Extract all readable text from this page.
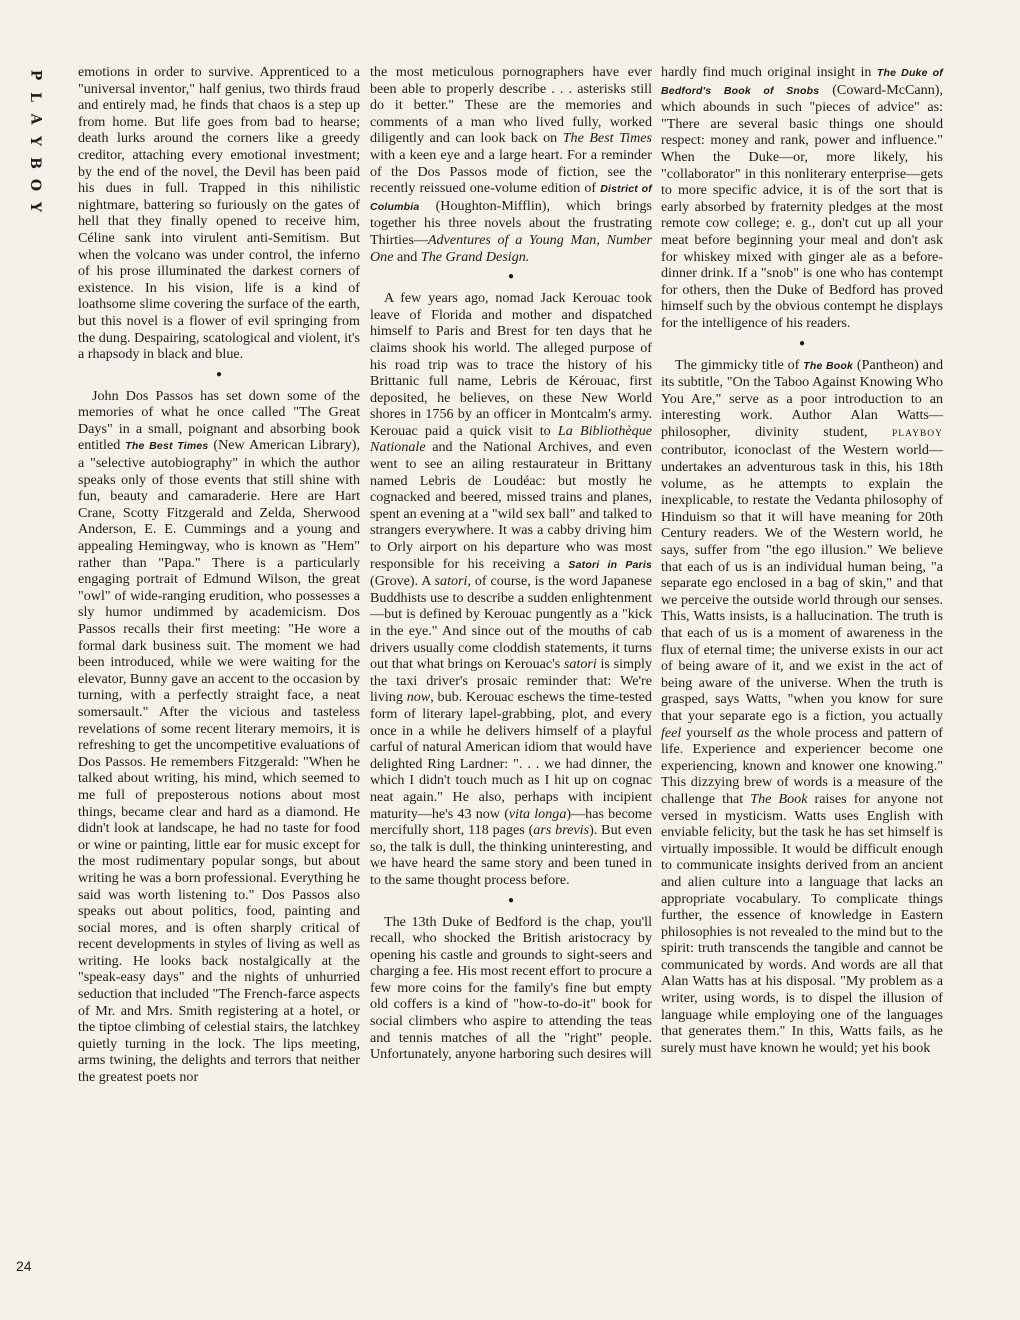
P
L
A
Y
B
O
Y
24

emotions in order to survive. Apprenticed to a "universal inventor," half genius, two thirds fraud and entirely mad, he finds that chaos is a step up from home. But life goes from bad to hearse; death lurks around the corners like a greedy creditor, attaching every emotional investment; by the end of the novel, the Devil has been paid his dues in full. Trapped in this nihilistic nightmare, battering so furiously on the gates of hell that they finally opened to receive him, Céline sank into virulent anti-Semitism. But when the volcano was under control, the inferno of his prose illuminated the darkest corners of existence. In his vision, life is a kind of loathsome slime covering the surface of the earth, but this novel is a flower of evil springing from the dung. Despairing, scatological and violent, it's a rhapsody in black and blue.

●

John Dos Passos has set down some of the memories of what he once called "The Great Days" in a small, poignant and absorbing book entitled The Best Times (New American Library), a "selective autobiography" in which the author speaks only of those events that still shine with fun, beauty and camaraderie. Here are Hart Crane, Scotty Fitzgerald and Zelda, Sherwood Anderson, E. E. Cummings and a young and appealing Hemingway, who is known as "Hem" rather than "Papa." There is a particularly engaging portrait of Edmund Wilson, the great "owl" of wide-ranging erudition, who possesses a sly humor undimmed by academicism. Dos Passos recalls their first meeting: "He wore a formal dark business suit. The moment we had been introduced, while we were waiting for the elevator, Bunny gave an accent to the occasion by turning, with a perfectly straight face, a neat somersault." After the vicious and tasteless revelations of some recent literary memoirs, it is refreshing to get the uncompetitive evaluations of Dos Passos. He remembers Fitzgerald: "When he talked about writing, his mind, which seemed to me full of preposterous notions about most things, became clear and hard as a diamond. He didn't look at landscape, he had no taste for food or wine or painting, little ear for music except for the most rudimentary popular songs, but about writing he was a born professional. Everything he said was worth listening to." Dos Passos also speaks out about politics, food, painting and social mores, and is often sharply critical of recent developments in styles of living as well as writing. He looks back nostalgically at the "speak-easy days" and the nights of unhurried seduction that included "The French-farce aspects of Mr. and Mrs. Smith registering at a hotel, or the tiptoe climbing of celestial stairs, the latchkey quietly turning in the lock. The lips meeting, arms twining, the delights and terrors that neither the greatest poets nor

the most meticulous pornographers have ever been able to properly describe . . . asterisks still do it better." These are the memories and comments of a man who lived fully, worked diligently and can look back on The Best Times with a keen eye and a large heart. For a reminder of the Dos Passos mode of fiction, see the recently reissued one-volume edition of District of Columbia (Houghton-Mifflin), which brings together his three novels about the frustrating Thirties—Adventures of a Young Man, Number One and The Grand Design.

●

A few years ago, nomad Jack Kerouac took leave of Florida and mother and dispatched himself to Paris and Brest for ten days that he claims shook his world. The alleged purpose of his road trip was to trace the history of his Brittanic full name, Lebris de Kérouac, first deposited, he believes, on these New World shores in 1756 by an officer in Montcalm's army. Kerouac paid a quick visit to La Bibliothèque Nationale and the National Archives, and even went to see an ailing restaurateur in Brittany named Lebris de Loudéac: but mostly he cognacked and beered, missed trains and planes, spent an evening at a "wild sex ball" and talked to strangers everywhere. It was a cabby driving him to Orly airport on his departure who was most responsible for his receiving a Satori in Paris (Grove). A satori, of course, is the word Japanese Buddhists use to describe a sudden enlightenment—but is defined by Kerouac pungently as a "kick in the eye." And since out of the mouths of cab drivers usually come cloddish statements, it turns out that what brings on Kerouac's satori is simply the taxi driver's prosaic reminder that: We're living now, bub. Kerouac eschews the time-tested form of literary lapel-grabbing, plot, and every once in a while he delivers himself of a playful carful of natural American idiom that would have delighted Ring Lardner: ". . . we had dinner, the which I didn't touch much as I hit up on cognac neat again." He also, perhaps with incipient maturity—he's 43 now (vita longa)—has become mercifully short, 118 pages (ars brevis). But even so, the talk is dull, the thinking uninteresting, and we have heard the same story and been tuned in to the same thought process before.

●

The 13th Duke of Bedford is the chap, you'll recall, who shocked the British aristocracy by opening his castle and grounds to sight-seers and charging a fee. His most recent effort to procure a few more coins for the family's fine but empty old coffers is a kind of "how-to-do-it" book for social climbers who aspire to attending the teas and tennis matches of all the "right" people. Unfortunately, anyone harboring such desires will

hardly find much original insight in The Duke of Bedford's Book of Snobs (Coward-McCann), which abounds in such "pieces of advice" as: "There are several basic things one should respect: money and rank, power and influence." When the Duke—or, more likely, his "collaborator" in this nonliterary enterprise—gets to more specific advice, it is of the sort that is early absorbed by fraternity pledges at the most remote cow college; e. g., don't cut up all your meat before beginning your meal and don't ask for whiskey mixed with ginger ale as a before-dinner drink. If a "snob" is one who has contempt for others, then the Duke of Bedford has proved himself such by the obvious contempt he displays for the intelligence of his readers.

●

The gimmicky title of The Book (Pantheon) and its subtitle, "On the Taboo Against Knowing Who You Are," serve as a poor introduction to an interesting work. Author Alan Watts—philosopher, divinity student, PLAYBOY contributor, iconoclast of the Western world—undertakes an adventurous task in this, his 18th volume, as he attempts to explain the inexplicable, to restate the Vedanta philosophy of Hinduism so that it will have meaning for 20th Century readers. We of the Western world, he says, suffer from "the ego illusion." We believe that each of us is an individual human being, "a separate ego enclosed in a bag of skin," and that we perceive the outside world through our senses. This, Watts insists, is a hallucination. The truth is that each of us is a moment of awareness in the flux of eternal time; the universe exists in our act of being aware of it, and we exist in the act of being aware of the universe. When the truth is grasped, says Watts, "when you know for sure that your separate ego is a fiction, you actually feel yourself as the whole process and pattern of life. Experience and experiencer become one experiencing, known and knower one knowing." This dizzying brew of words is a measure of the challenge that The Book raises for anyone not versed in mysticism. Watts uses English with enviable felicity, but the task he has set himself is virtually impossible. It would be difficult enough to communicate insights derived from an ancient and alien culture into a language that lacks an appropriate vocabulary. To complicate things further, the essence of knowledge in Eastern philosophies is not revealed to the mind but to the spirit: truth transcends the tangible and cannot be communicated by words. And words are all that Alan Watts has at his disposal. "My problem as a writer, using words, is to dispel the illusion of language while employing one of the languages that generates them." In this, Watts fails, as he surely must have known he would; yet his book
